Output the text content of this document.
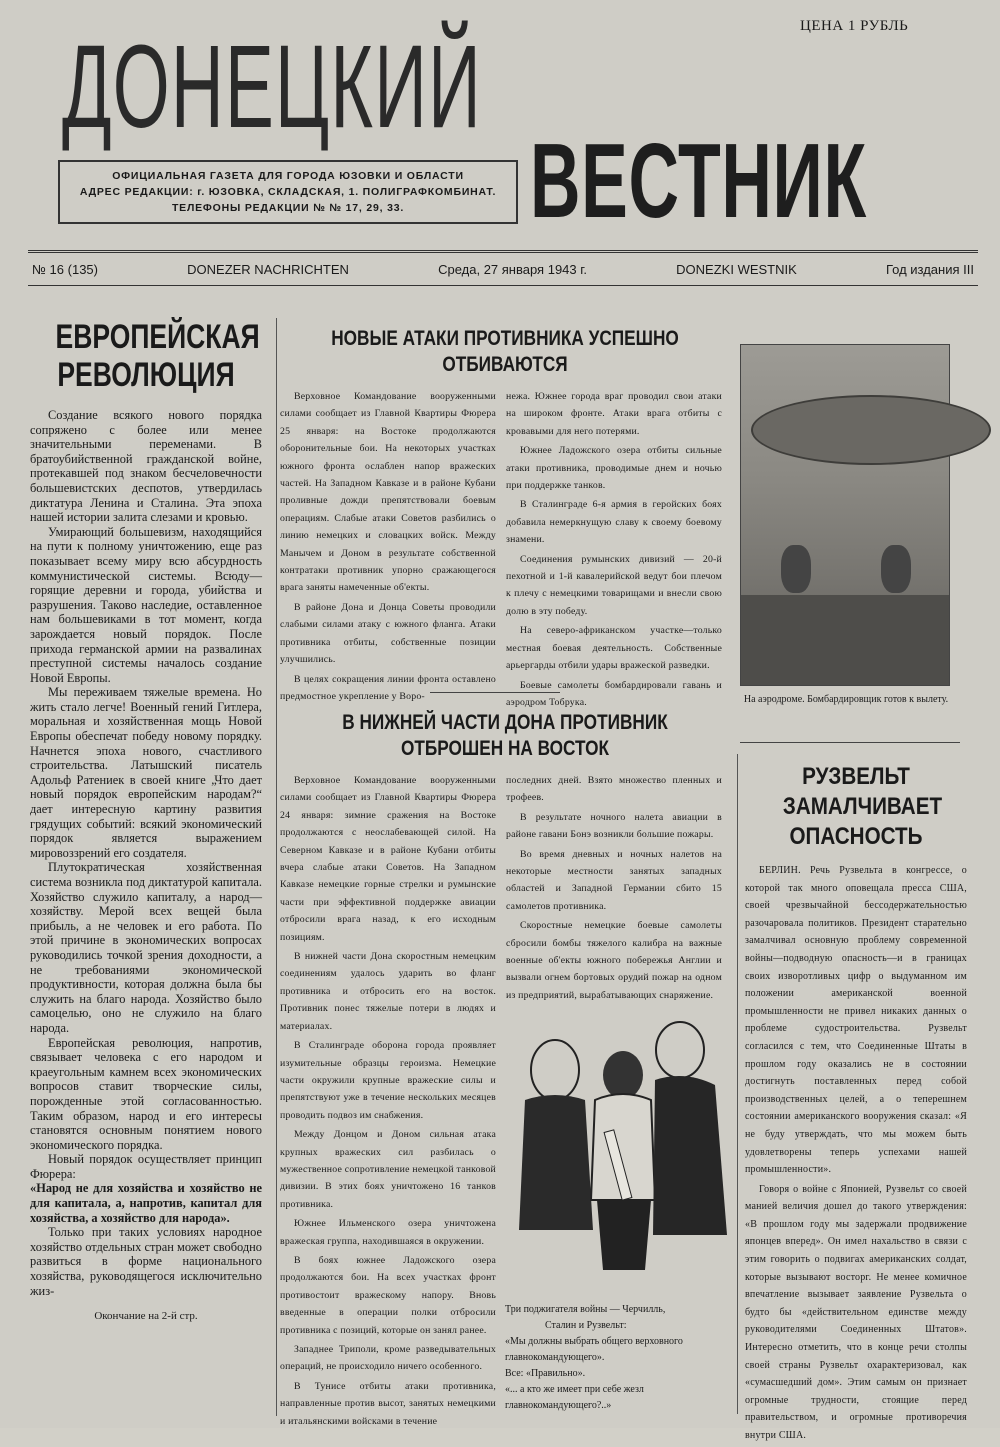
ЦЕНА 1 РУБЛЬ
ДОНЕЦКИЙ
ВЕСТНИК
ОФИЦИАЛЬНАЯ ГАЗЕТА ДЛЯ ГОРОДА ЮЗОВКИ И ОБЛАСТИ
АДРЕС РЕДАКЦИИ: г. ЮЗОВКА, СКЛАДСКАЯ, 1. ПОЛИГРАФКОМБИНАТ.
ТЕЛЕФОНЫ РЕДАКЦИИ № № 17, 29, 33.
№ 16 (135)	DONEZER NACHRICHTEN	Среда, 27 января 1943 г.	DONEZKI WESTNIK	Год издания III
ЕВРОПЕЙСКАЯ РЕВОЛЮЦИЯ

Создание всякого нового порядка сопряжено с более или менее значительными переменами. В братоубийственной гражданской войне, протекавшей под знаком бесчеловечности большевистских деспотов, утвердилась диктатура Ленина и Сталина. Эта эпоха нашей истории залита слезами и кровью.

Умирающий большевизм, находящийся на пути к полному уничтожению, еще раз показывает всему миру всю абсурдность коммунистической системы. Всюду—горящие деревни и города, убийства и разрушения. Таково наследие, оставленное нам большевиками в тот момент, когда зарождается новый порядок. После прихода германской армии на развалинах преступной системы началось создание Новой Европы.

Мы переживаем тяжелые времена. Но жить стало легче! Военный гений Гитлера, моральная и хозяйственная мощь Новой Европы обеспечат победу новому порядку. Начнется эпоха нового, счастливого строительства. Латышский писатель Адольф Ратениек в своей книге „Что дает новый порядок европейским народам?“ дает интересную картину развития грядущих событий: всякий экономический порядок является выражением мировоззрений его создателя.

Плутократическая хозяйственная система возникла под диктатурой капитала. Хозяйство служило капиталу, а народ—хозяйству. Мерой всех вещей была прибыль, а не человек и его работа. По этой причине в экономических вопросах руководились точкой зрения доходности, а не требованиями экономической продуктивности, которая должна была бы служить на благо народа. Хозяйство было самоцелью, оно не служило на благо народа.

Европейская революция, напротив, связывает человека с его народом и краеугольным камнем всех экономических вопросов ставит творческие силы, порожденные этой согласованностью. Таким образом, народ и его интересы становятся основным понятием нового экономического порядка.

Новый порядок осуществляет принцип Фюрера:

«Народ не для хозяйства и хозяйство не для капитала, а, напротив, капитал для хозяйства, а хозяйство для народа».

Только при таких условиях народное хозяйство отдельных стран может свободно развиться в форме национального хозяйства, руководящегося исключительно жиз-

Окончание на 2-й стр.
НОВЫЕ АТАКИ ПРОТИВНИКА УСПЕШНО ОТБИВАЮТСЯ

Верховное Командование вооруженными силами сообщает из Главной Квартиры Фюрера 25 января: на Востоке продолжаются оборонительные бои. На некоторых участках южного фронта ослаблен напор вражеских частей. На Западном Кавказе и в районе Кубани проливные дожди препятствовали боевым операциям. Слабые атаки Советов разбились о линию немецких и словацких войск. Между Манычем и Доном в результате собственной контратаки противник упорно сражающегося врага заняты намеченные об'екты.

В районе Дона и Донца Советы проводили слабыми силами атаку с южного фланга. Атаки противника отбиты, собственные позиции улучшились.

В целях сокращения линии фронта оставлено предмостное укрепление у Воро-

нежа. Южнее города враг проводил свои атаки на широком фронте. Атаки врага отбиты с кровавыми для него потерями.

Южнее Ладожского озера отбиты сильные атаки противника, проводимые днем и ночью при поддержке танков.

В Сталинграде 6-я армия в геройских боях добавила немеркнущую славу к своему боевому знамени.

Соединения румынских дивизий — 20-й пехотной и 1-й кавалерийской ведут бои плечом к плечу с немецкими товарищами и внесли свою долю в эту победу.

На северо-африканском участке—только местная боевая деятельность. Собственные арьергарды отбили удары вражеской разведки.

Боевые самолеты бомбардировали гавань и аэродром Тобрука.	На аэродроме. Бомбардировщик готов к вылету.
В НИЖНЕЙ ЧАСТИ ДОНА ПРОТИВНИК ОТБРОШЕН НА ВОСТОК

Верховное Командование вооруженными силами сообщает из Главной Квартиры Фюрера 24 января: зимние сражения на Востоке продолжаются с неослабевающей силой. На Северном Кавказе и в районе Кубани отбиты вчера слабые атаки Советов. На Западном Кавказе немецкие горные стрелки и румынские части при эффективной поддержке авиации отбросили врага назад, к его исходным позициям.

В нижней части Дона скоростным немецким соединениям удалось ударить во фланг противника и отбросить его на восток. Противник понес тяжелые потери в людях и материалах.

В Сталинграде оборона города проявляет изумительные образцы героизма. Немецкие части окружили крупные вражеские силы и препятствуют уже в течение нескольких месяцев проводить подвоз им снабжения.

Между Донцом и Доном сильная атака крупных вражеских сил разбилась о мужественное сопротивление немецкой танковой дивизии. В этих боях уничтожено 16 танков противника.

Южнее Ильменского озера уничтожена вражеская группа, находившаяся в окружении.

В боях южнее Ладожского озера продолжаются бои. На всех участках фронт противостоит вражескому напору. Вновь введенные в операции полки отбросили противника с позиций, которые он занял ранее.

Западнее Триполи, кроме разведывательных операций, не происходило ничего особенного.

В Тунисе отбиты атаки противника, направленные против высот, занятых немецкими и итальянскими войсками в течение

последних дней. Взято множество пленных и трофеев.

В результате ночного налета авиации в районе гавани Бонэ возникли большие пожары.

Во время дневных и ночных налетов на некоторые местности занятых западных областей и Западной Германии сбито 15 самолетов противника.

Скоростные немецкие боевые самолеты сбросили бомбы тяжелого калибра на важные военные об'екты южного побережья Англии и вызвали огнем бортовых орудий пожар на одном из предприятий, вырабатывающих снаряжение.

Три поджигателя войны — Черчилль,
Сталин и Рузвельт:
«Мы должны выбрать общего верховного главнокомандующего».
Все: «Правильно».
«... а кто же имеет при себе жезл главнокомандующего?..»
РУЗВЕЛЬТ ЗАМАЛЧИВАЕТ ОПАСНОСТЬ

БЕРЛИН. Речь Рузвельта в конгрессе, о которой так много оповещала пресса США, своей чрезвычайной бессодержательностью разочаровала политиков. Президент старательно замалчивал основную проблему современной войны—подводную опасность—и в границах своих изворотливых цифр о выдуманном им положении американской военной промышленности не привел никаких данных о проблеме судостроительства. Рузвельт согласился с тем, что Соединенные Штаты в прошлом году оказались не в состоянии достигнуть поставленных перед собой производственных целей, а о теперешнем состоянии американского вооружения сказал: «Я не буду утверждать, что мы можем быть удовлетворены теперь успехами нашей промышленности».

Говоря о войне с Японией, Рузвельт со своей манией величия дошел до такого утверждения: «В прошлом году мы задержали продвижение японцев вперед». Он имел нахальство в связи с этим говорить о подвигах американских солдат, которые вызывают восторг. Не менее комичное впечатление вызывает заявление Рузвельта о будто бы «действительном единстве между руководителями Соединенных Штатов». Интересно отметить, что в конце речи столпы своей страны Рузвельт охарактеризовал, как «сумасшедший дом». Этим самым он признает огромные трудности, стоящие перед правительством, и огромные противоречия внутри США.
